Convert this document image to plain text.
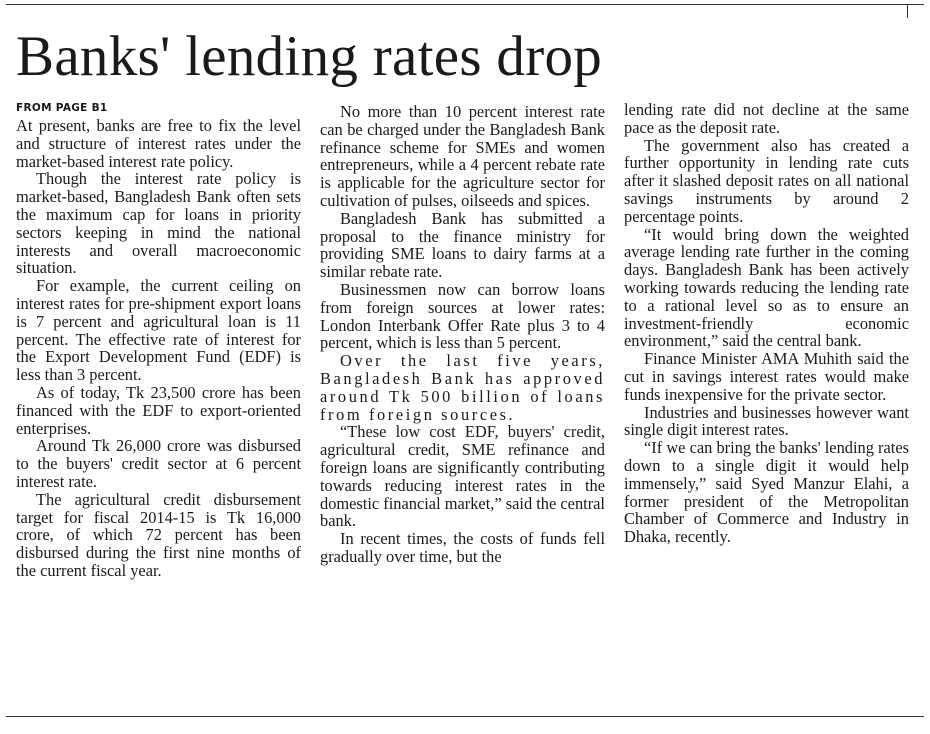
Banks' lending rates drop
FROM PAGE B1

At present, banks are free to fix the level and structure of interest rates under the market-based interest rate policy.

Though the interest rate policy is market-based, Bangladesh Bank often sets the maximum cap for loans in priority sectors keeping in mind the national interests and overall macroeconomic situation.

For example, the current ceiling on interest rates for pre-shipment export loans is 7 percent and agricultural loan is 11 percent. The effective rate of interest for the Export Development Fund (EDF) is less than 3 percent.

As of today, Tk 23,500 crore has been financed with the EDF to export-oriented enterprises.

Around Tk 26,000 crore was disbursed to the buyers' credit sector at 6 percent interest rate.

The agricultural credit disbursement target for fiscal 2014-15 is Tk 16,000 crore, of which 72 percent has been disbursed during the first nine months of the current fiscal year.

No more than 10 percent interest rate can be charged under the Bangladesh Bank refinance scheme for SMEs and women entrepreneurs, while a 4 percent rebate rate is applicable for the agriculture sector for cultivation of pulses, oilseeds and spices.

Bangladesh Bank has submitted a proposal to the finance ministry for providing SME loans to dairy farms at a similar rebate rate.

Businessmen now can borrow loans from foreign sources at lower rates: London Interbank Offer Rate plus 3 to 4 percent, which is less than 5 percent.

Over the last five years, Bangladesh Bank has approved around Tk 500 billion of loans from foreign sources.

“These low cost EDF, buyers' credit, agricultural credit, SME refinance and foreign loans are significantly contributing towards reducing interest rates in the domestic financial market,” said the central bank.

In recent times, the costs of funds fell gradually over time, but the

lending rate did not decline at the same pace as the deposit rate.

The government also has created a further opportunity in lending rate cuts after it slashed deposit rates on all national savings instruments by around 2 percentage points.

“It would bring down the weighted average lending rate further in the coming days. Bangladesh Bank has been actively working towards reducing the lending rate to a rational level so as to ensure an investment-friendly economic environment,” said the central bank.

Finance Minister AMA Muhith said the cut in savings interest rates would make funds inexpensive for the private sector.

Industries and businesses however want single digit interest rates.

“If we can bring the banks' lending rates down to a single digit it would help immensely,” said Syed Manzur Elahi, a former president of the Metropolitan Chamber of Commerce and Industry in Dhaka, recently.
